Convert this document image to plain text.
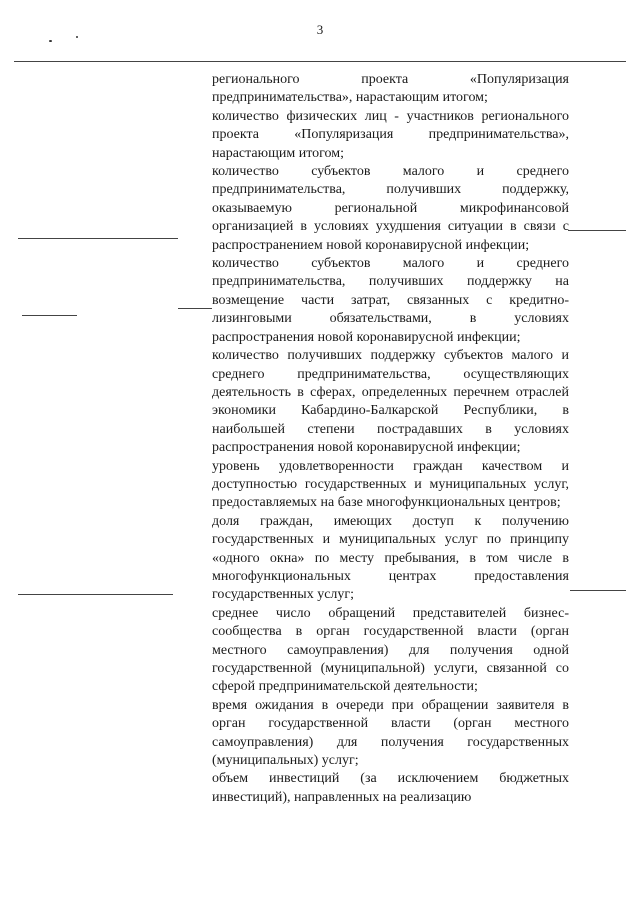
3

регионального проекта «Популяризация предпринимательства», нарастающим итогом;

количество физических лиц - участников регионального проекта «Популяризация предпринимательства», нарастающим итогом;

количество субъектов малого и среднего предпринимательства, получивших поддержку, оказываемую региональной микрофинансовой организацией в условиях ухудшения ситуации в связи с распространением новой коронавирусной инфекции;

количество субъектов малого и среднего предпринимательства, получивших поддержку на возмещение части затрат, связанных с кредитно-лизинговыми обязательствами, в условиях распространения новой коронавирусной инфекции;

количество получивших поддержку субъектов малого и среднего предпринимательства, осуществляющих деятельность в сферах, определенных перечнем отраслей экономики Кабардино-Балкарской Республики, в наибольшей степени пострадавших в условиях распространения новой коронавирусной инфекции;

уровень удовлетворенности граждан качеством и доступностью государственных и муниципальных услуг, предоставляемых на базе многофункциональных центров;

доля граждан, имеющих доступ к получению государственных и муниципальных услуг по принципу «одного окна» по месту пребывания, в том числе в многофункциональных центрах предоставления государственных услуг;

среднее число обращений представителей бизнес-сообщества в орган государственной власти (орган местного самоуправления) для получения одной государственной (муниципальной) услуги, связанной со сферой предпринимательской деятельности;

время ожидания в очереди при обращении заявителя в орган государственной власти (орган местного самоуправления) для получения государственных (муниципальных) услуг;

объем инвестиций (за исключением бюджетных инвестиций), направленных на реализацию
